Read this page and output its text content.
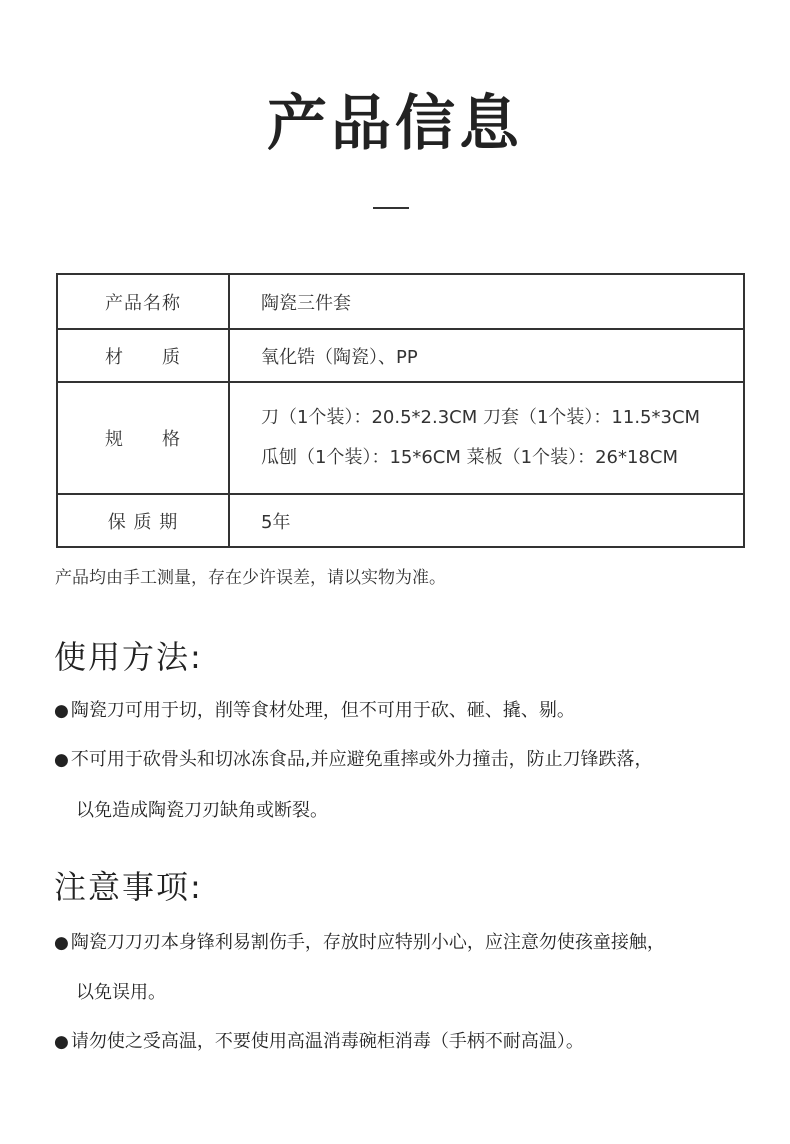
产品信息
产品名称	陶瓷三件套
材　　质	氧化锆（陶瓷）、PP
规　　格	刀（1个装）：20.5*2.3CM 刀套（1个装）：11.5*3CM
瓜刨（1个装）：15*6CM 菜板（1个装）：26*18CM

保 质 期	5年
产品均由手工测量，存在少许误差，请以实物为准。
使用方法:
● 陶瓷刀可用于切，削等食材处理，但不可用于砍、砸、撬、剔。
● 不可用于砍骨头和切冰冻食品,并应避免重摔或外力撞击，防止刀锋跌落，
以免造成陶瓷刀刃缺角或断裂。
注意事项:
● 陶瓷刀刀刃本身锋利易割伤手，存放时应特别小心，应注意勿使孩童接触，
以免误用。
● 请勿使之受高温，不要使用高温消毒碗柜消毒（手柄不耐高温）。
